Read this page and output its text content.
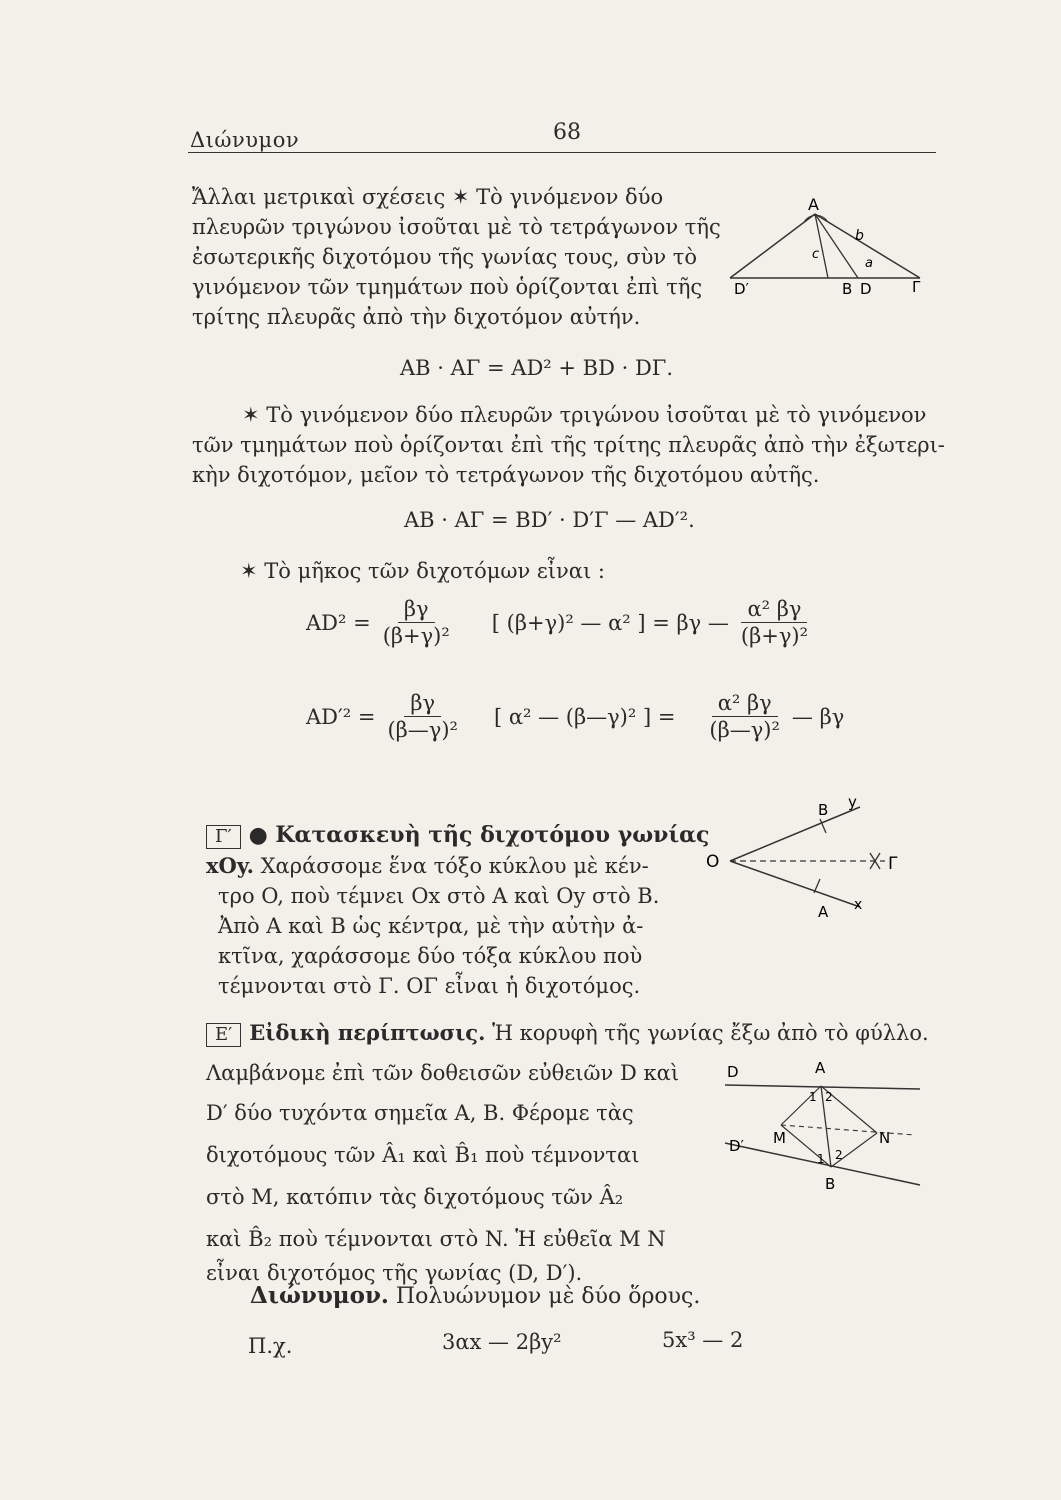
Διώνυμον	68
Ἄλλαι μετρικαὶ σχέσεις ✶ Τὸ γινόμενον δύο
πλευρῶν τριγώνου ἰσοῦται μὲ τὸ τετράγωνον τῆς
ἐσωτερικῆς διχοτόμου τῆς γωνίας τους, σὺν τὸ
γινόμενον τῶν τμημάτων ποὺ ὁρίζονται ἐπὶ τῆς
τρίτης πλευρᾶς ἀπὸ τὴν διχοτόμον αὐτήν.
A
b
c
a
D′	B D	Γ
AB · AΓ = AD² + BD · DΓ.
✶ Τὸ γινόμενον δύο πλευρῶν τριγώνου ἰσοῦται μὲ τὸ γινόμενον
τῶν τμημάτων ποὺ ὁρίζονται ἐπὶ τῆς τρίτης πλευρᾶς ἀπὸ τὴν ἐξωτερι-
κὴν διχοτόμον, μεῖον τὸ τετράγωνον τῆς διχοτόμου αὐτῆς.
AB · AΓ = BD′ · D′Γ — AD′².
✶ Τὸ μῆκος τῶν διχοτόμων εἶναι :
$AD^2 = \frac{\beta\gamma}{\text{(β+γ)²}}$ [ (β+γ)² — α² ] = βγ — $\frac{\text{α² βγ}}{\text{(β+γ)²}}$
$AD'^2 = \frac{\beta\gamma}{\text{(β—γ)²}}$ [ α² — (β—γ)² ] = $\frac{\text{α² βγ}}{\text{(β—γ)²}}$ — βγ
Γ′ ● Κατασκευὴ τῆς διχοτόμου γωνίας
xOy. Χαράσσομε ἕνα τόξο κύκλου μὲ κέν-
τρο O, ποὺ τέμνει Ox στὸ A καὶ Oy στὸ B.
Ἀπὸ A καὶ B ὡς κέντρα, μὲ τὴν αὐτὴν ἀ-
κτῖνα, χαράσσομε δύο τόξα κύκλου ποὺ
τέμνονται στὸ Γ. OΓ εἶναι ἡ διχοτόμος.
O
B y
Γ
A x
E′ Εἰδικὴ περίπτωσις. Ἡ κορυφὴ τῆς γωνίας ἔξω ἀπὸ τὸ φύλλο.
Λαμβάνομε ἐπὶ τῶν δοθεισῶν εὐθειῶν D καὶ
D′ δύο τυχόντα σημεῖα A, B. Φέρομε τὰς
διχοτόμους τῶν Â₁ καὶ B̂₁ ποὺ τέμνονται
στὸ M, κατόπιν τὰς διχοτόμους τῶν Â₂
καὶ B̂₂ ποὺ τέμνονται στὸ N. Ἡ εὐθεῖα M N
εἶναι διχοτόμος τῆς γωνίας (D, D′).
D	A
1 2
D′ M	N
1 2
B
Διώνυμον. Πολυώνυμον μὲ δύο ὅρους.
Π.χ.	3αx — 2βy²	5x³ — 2
